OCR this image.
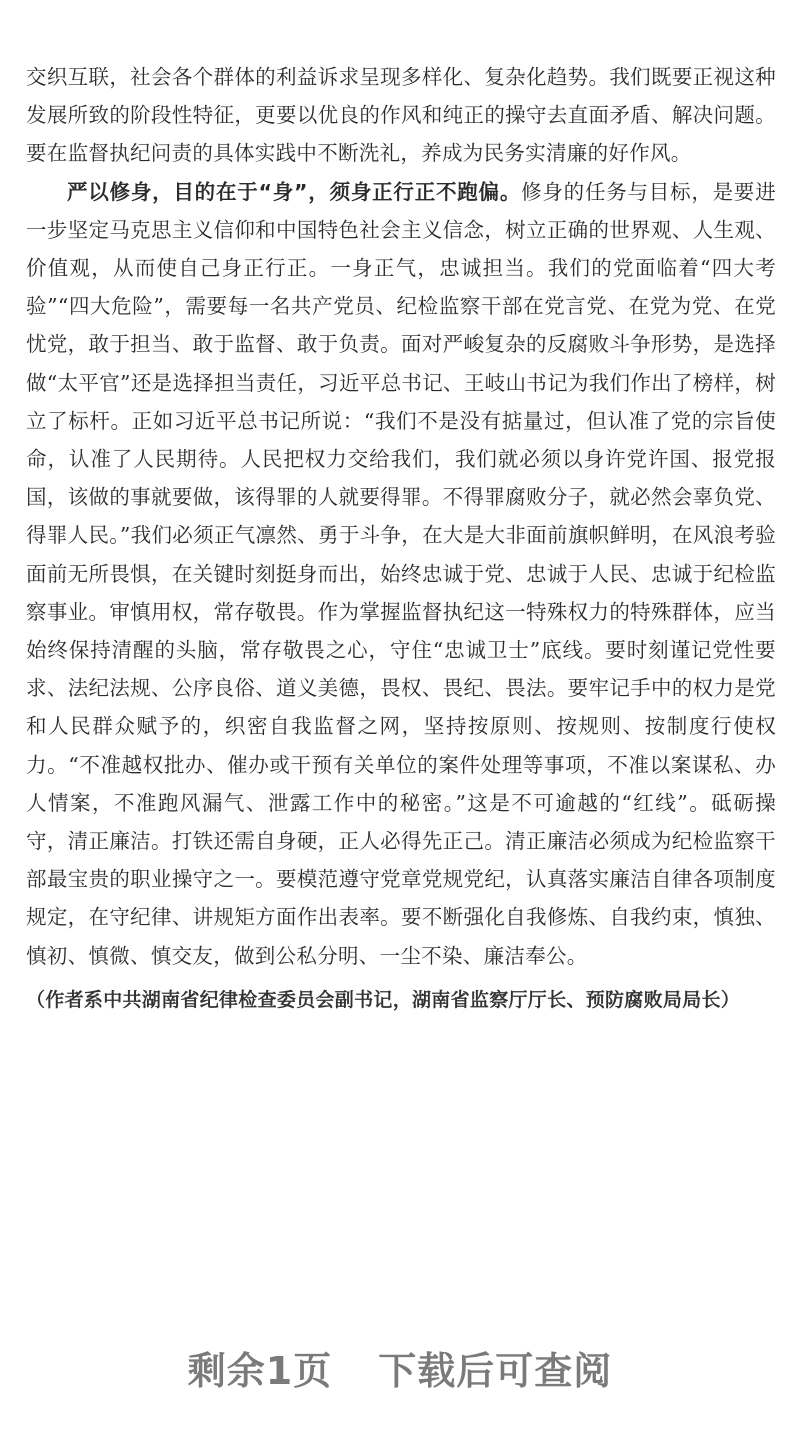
交织互联，社会各个群体的利益诉求呈现多样化、复杂化趋势。我们既要正视这种发展所致的阶段性特征，更要以优良的作风和纯正的操守去直面矛盾、解决问题。要在监督执纪问责的具体实践中不断洗礼，养成为民务实清廉的好作风。

严以修身，目的在于“身”，须身正行正不跑偏。修身的任务与目标，是要进一步坚定马克思主义信仰和中国特色社会主义信念，树立正确的世界观、人生观、价值观，从而使自己身正行正。一身正气，忠诚担当。我们的党面临着“四大考验”“四大危险”，需要每一名共产党员、纪检监察干部在党言党、在党为党、在党忧党，敢于担当、敢于监督、敢于负责。面对严峻复杂的反腐败斗争形势，是选择做“太平官”还是选择担当责任，习近平总书记、王岐山书记为我们作出了榜样，树立了标杆。正如习近平总书记所说：“我们不是没有掂量过，但认准了党的宗旨使命，认准了人民期待。人民把权力交给我们，我们就必须以身许党许国、报党报国，该做的事就要做，该得罪的人就要得罪。不得罪腐败分子，就必然会辜负党、得罪人民。”我们必须正气凛然、勇于斗争，在大是大非面前旗帜鲜明，在风浪考验面前无所畏惧，在关键时刻挺身而出，始终忠诚于党、忠诚于人民、忠诚于纪检监察事业。审慎用权，常存敬畏。作为掌握监督执纪这一特殊权力的特殊群体，应当始终保持清醒的头脑，常存敬畏之心，守住“忠诚卫士”底线。要时刻谨记党性要求、法纪法规、公序良俗、道义美德，畏权、畏纪、畏法。要牢记手中的权力是党和人民群众赋予的，织密自我监督之网，坚持按原则、按规则、按制度行使权力。“不准越权批办、催办或干预有关单位的案件处理等事项，不准以案谋私、办人情案，不准跑风漏气、泄露工作中的秘密。”这是不可逾越的“红线”。砥砺操守，清正廉洁。打铁还需自身硬，正人必得先正己。清正廉洁必须成为纪检监察干部最宝贵的职业操守之一。要模范遵守党章党规党纪，认真落实廉洁自律各项制度规定，在守纪律、讲规矩方面作出表率。要不断强化自我修炼、自我约束，慎独、慎初、慎微、慎交友，做到公私分明、一尘不染、廉洁奉公。

（作者系中共湖南省纪律检查委员会副书记，湖南省监察厅厅长、预防腐败局局长）

剩余1页 下载后可查阅
